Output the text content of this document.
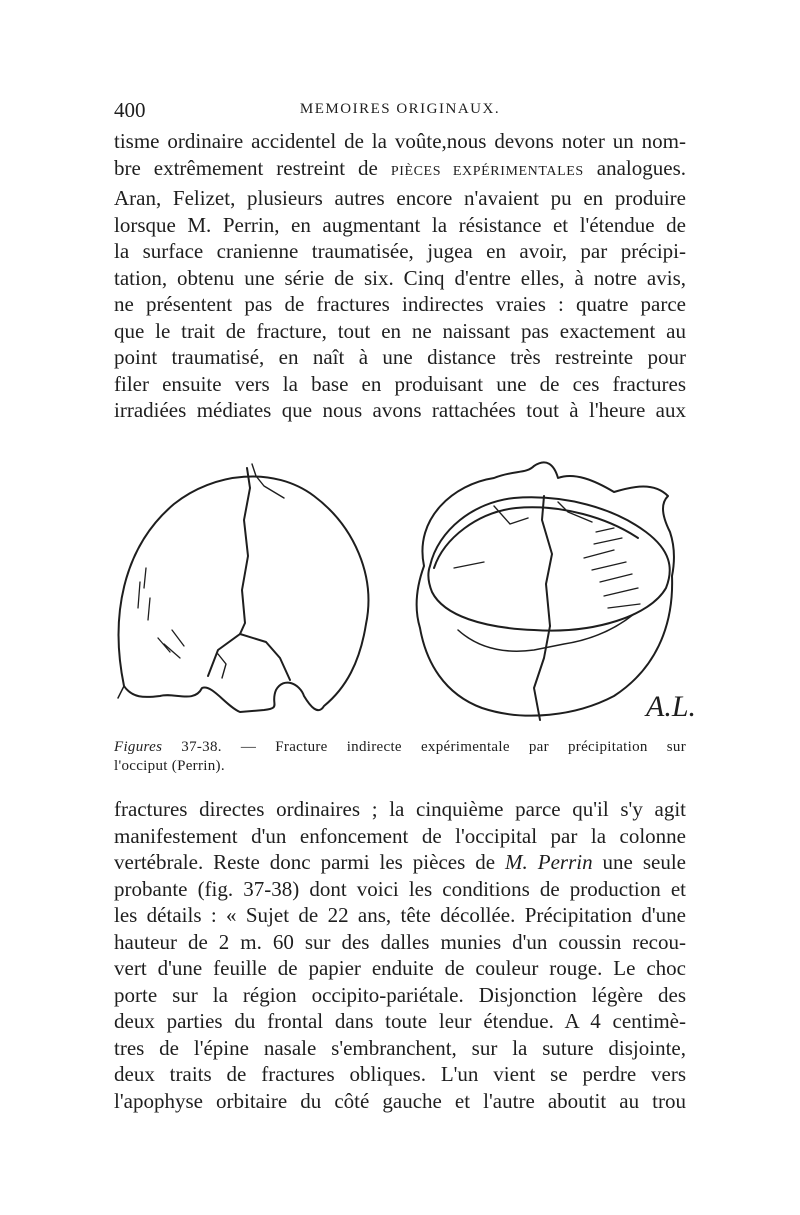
400	MEMOIRES ORIGINAUX.

tisme ordinaire accidentel de la voûte,nous devons noter un nom-
bre extrêmement restreint de PIÈCES EXPÉRIMENTALES analogues.
Aran, Felizet, plusieurs autres encore n'avaient pu en produire
lorsque M. Perrin, en augmentant la résistance et l'étendue de
la surface cranienne traumatisée, jugea en avoir, par précipi-
tation, obtenu une série de six. Cinq d'entre elles, à notre avis,
ne présentent pas de fractures indirectes vraies : quatre parce
que le trait de fracture, tout en ne naissant pas exactement au
point traumatisé, en naît à une distance très restreinte pour
filer ensuite vers la base en produisant une de ces fractures
irradiées médiates que nous avons rattachées tout à l'heure aux

A.L.
Figures 37-38. — Fracture indirecte expérimentale par précipitation sur
l'occiput (Perrin).

fractures directes ordinaires ; la cinquième parce qu'il s'y agit
manifestement d'un enfoncement de l'occipital par la colonne
vertébrale. Reste donc parmi les pièces de M. Perrin une seule
probante (fig. 37-38) dont voici les conditions de production et
les détails : « Sujet de 22 ans, tête décollée. Précipitation d'une
hauteur de 2 m. 60 sur des dalles munies d'un coussin recou-
vert d'une feuille de papier enduite de couleur rouge. Le choc
porte sur la région occipito-pariétale. Disjonction légère des
deux parties du frontal dans toute leur étendue. A 4 centimè-
tres de l'épine nasale s'embranchent, sur la suture disjointe,
deux traits de fractures obliques. L'un vient se perdre vers
l'apophyse orbitaire du côté gauche et l'autre aboutit au trou
